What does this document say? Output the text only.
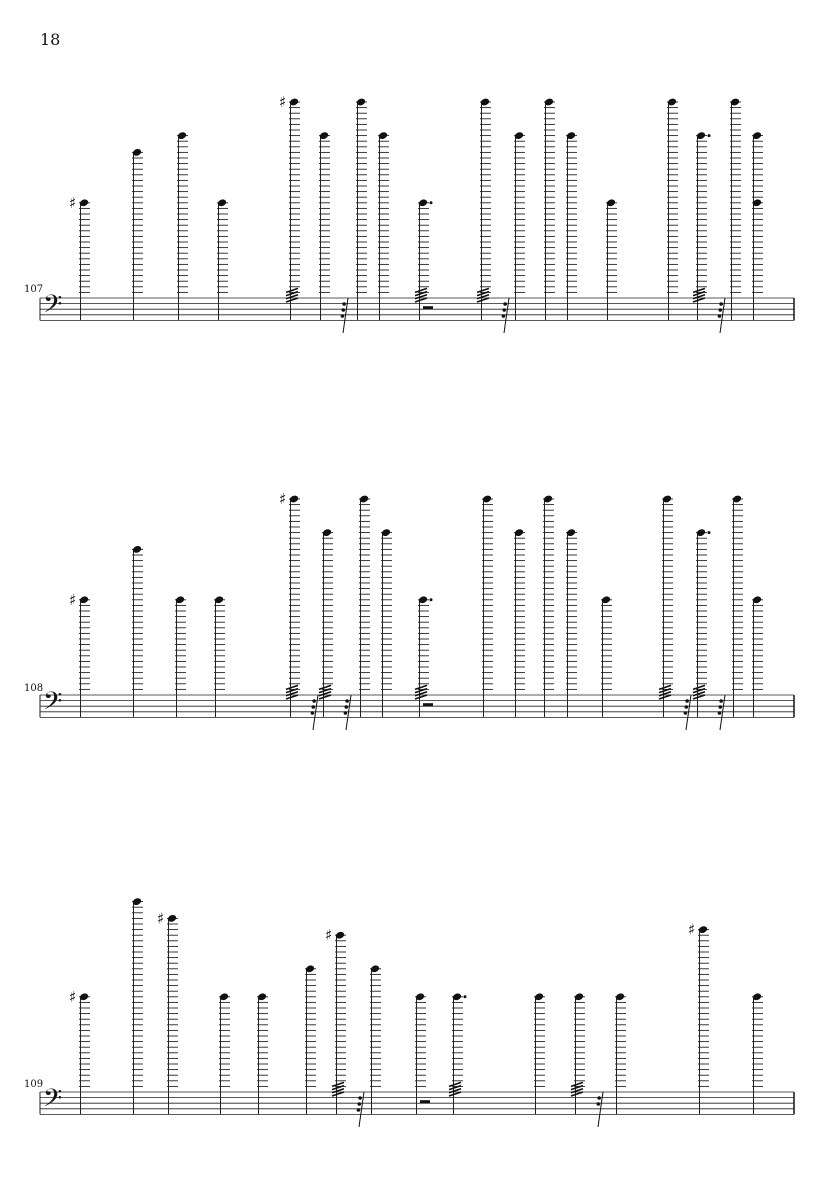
18
107
108
109
𝄢
♯
♯
𝄢
♯
♯
𝄢
♯
♯
♯	♯
